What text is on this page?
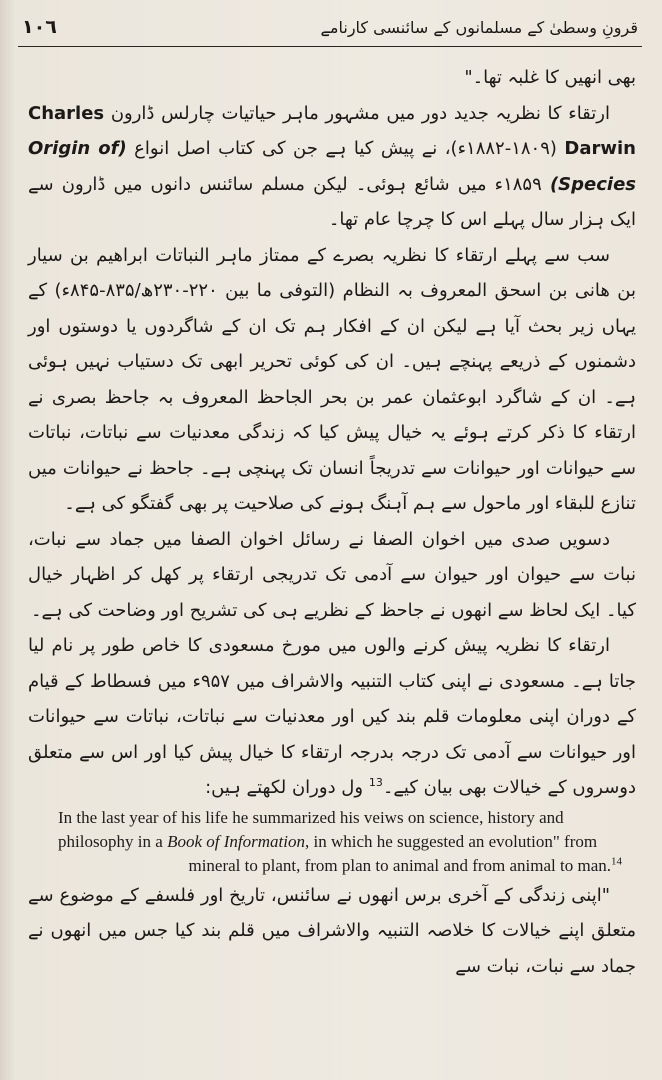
١٠٦	قرونِ وسطیٰ کے مسلمانوں کے سائنسی کارنامے

بھی انھیں کا غلبہ تھا۔"

ارتقاء کا نظریہ جدید دور میں مشہور ماہر حیاتیات چارلس ڈارون Charles Darwin (۱۸۰۹-۱۸۸۲ء)، نے پیش کیا ہے جن کی کتاب اصل انواع (Origin of Species) ۱۸۵۹ء میں شائع ہوئی۔ لیکن مسلم سائنس دانوں میں ڈارون سے ایک ہزار سال پہلے اس کا چرچا عام تھا۔

سب سے پہلے ارتقاء کا نظریہ بصرے کے ممتاز ماہر النباتات ابراھیم بن سیار بن ھانی بن اسحق المعروف بہ النظام (التوفی ما بین ۲۲۰-۲۳۰ھ/۸۳۵-۸۴۵ء) کے یہاں زیر بحث آیا ہے لیکن ان کے افکار ہم تک ان کے شاگردوں یا دوستوں اور دشمنوں کے ذریعے پہنچے ہیں۔ ان کی کوئی تحریر ابھی تک دستیاب نہیں ہوئی ہے۔ ان کے شاگرد ابوعثمان عمر بن بحر الجاحظ المعروف بہ جاحظ بصری نے ارتقاء کا ذکر کرتے ہوئے یہ خیال پیش کیا کہ زندگی معدنیات سے نباتات، نباتات سے حیوانات اور حیوانات سے تدریجاً انسان تک پہنچی ہے۔ جاحظ نے حیوانات میں تنازع للبقاء اور ماحول سے ہم آہنگ ہونے کی صلاحیت پر بھی گفتگو کی ہے۔

دسویں صدی میں اخوان الصفا نے رسائل اخوان الصفا میں جماد سے نبات، نبات سے حیوان اور حیوان سے آدمی تک تدریجی ارتقاء پر کھل کر اظہار خیال کیا۔ ایک لحاظ سے انھوں نے جاحظ کے نظریے ہی کی تشریح اور وضاحت کی ہے۔

ارتقاء کا نظریہ پیش کرنے والوں میں مورخ مسعودی کا خاص طور پر نام لیا جاتا ہے۔ مسعودی نے اپنی کتاب التنبیہ والاشراف میں ۹۵۷ء میں فسطاط کے قیام کے دوران اپنی معلومات قلم بند کیں اور معدنیات سے نباتات، نباتات سے حیوانات اور حیوانات سے آدمی تک درجہ بدرجہ ارتقاء کا خیال پیش کیا اور اس سے متعلق دوسروں کے خیالات بھی بیان کیے۔$^{13}$ ول دوران لکھتے ہیں:

In the last year of his life he summarized his veiws on science, history and philosophy in a Book of Information, in which he suggested an evolution" from mineral to plant, from plan to animal and from animal to man.$^{14}$

"اپنی زندگی کے آخری برس انھوں نے سائنس، تاریخ اور فلسفے کے موضوع سے متعلق اپنے خیالات کا خلاصہ التنبیہ والاشراف میں قلم بند کیا جس میں انھوں نے جماد سے نبات، نبات سے
